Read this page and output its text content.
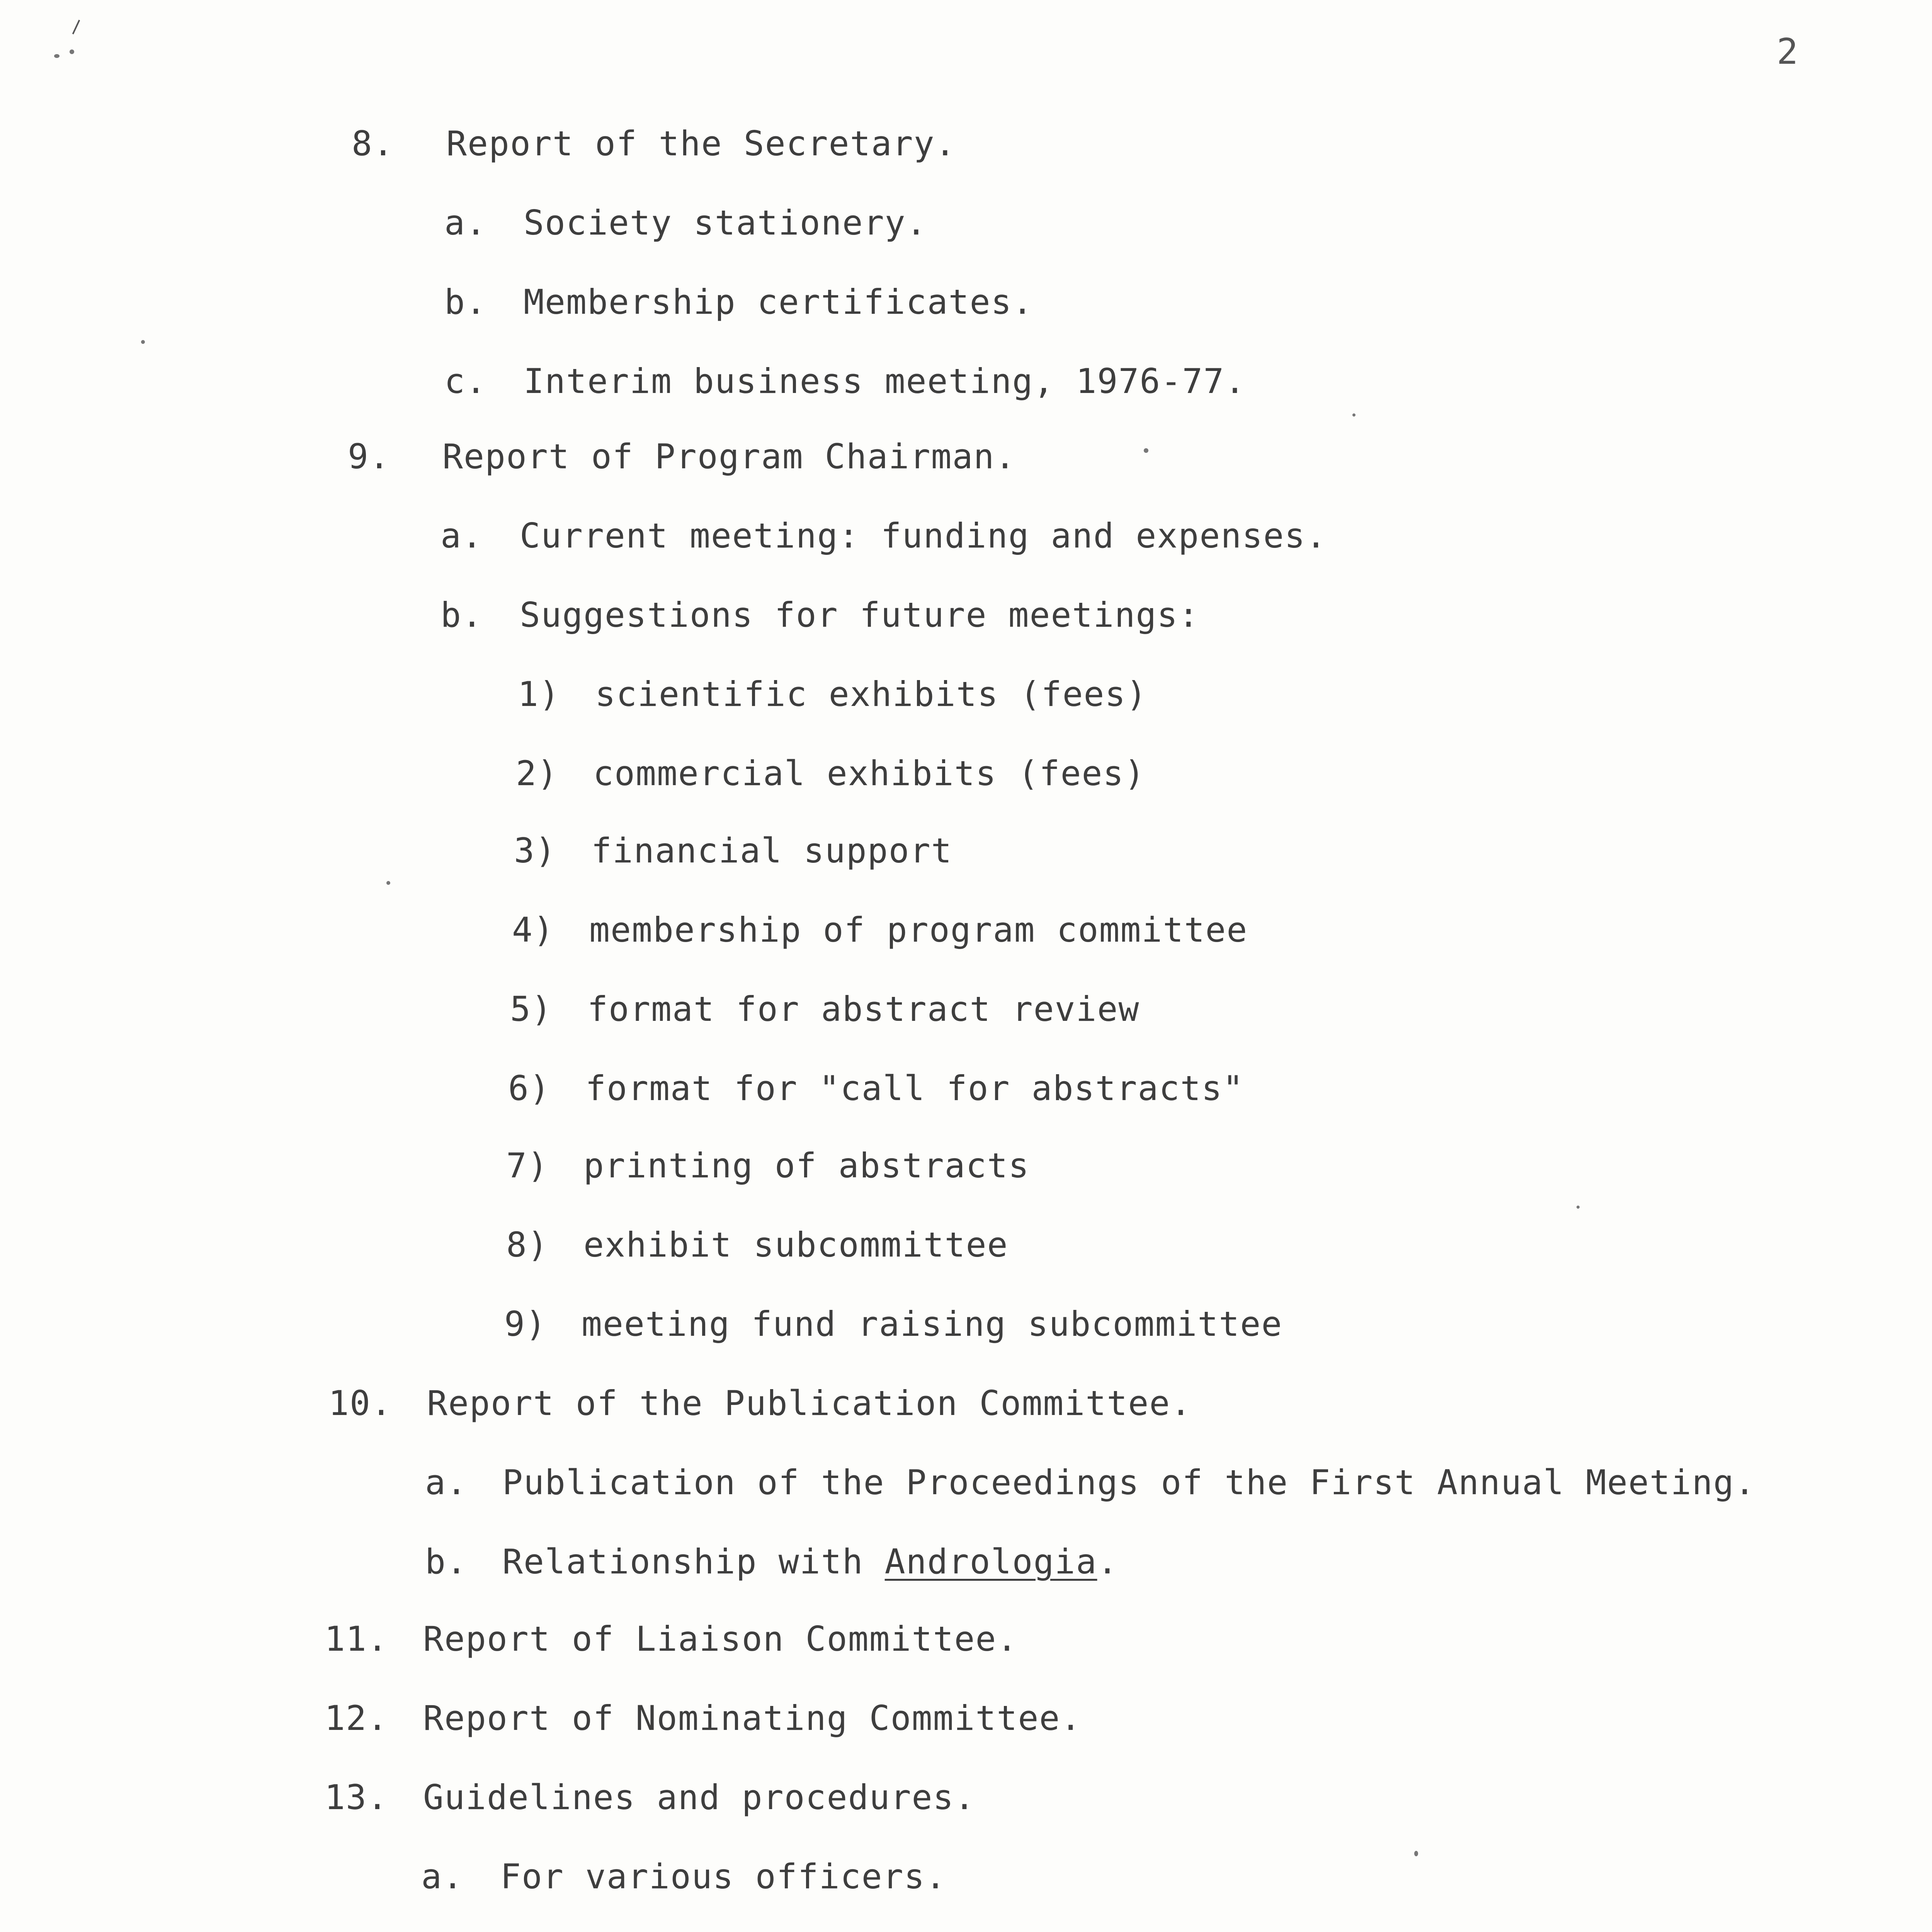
2
8. Report of the Secretary.
a. Society stationery.
b. Membership certificates.
c. Interim business meeting, 1976-77.
9. Report of Program Chairman.
a. Current meeting: funding and expenses.
b. Suggestions for future meetings:
1) scientific exhibits (fees)
2) commercial exhibits (fees)
3) financial support
4) membership of program committee
5) format for abstract review
6) format for "call for abstracts"
7) printing of abstracts
8) exhibit subcommittee
9) meeting fund raising subcommittee
10. Report of the Publication Committee.
a. Publication of the Proceedings of the First Annual Meeting.
b. Relationship with Andrologia.
11. Report of Liaison Committee.
12. Report of Nominating Committee.
13. Guidelines and procedures.
a. For various officers.
